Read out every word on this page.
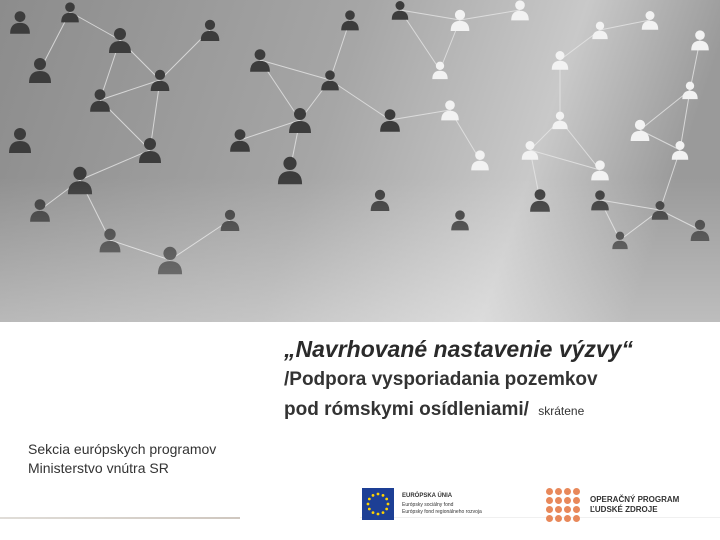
„Navrhované nastavenie výzvy“
/Podpora vysporiadania pozemkov
pod rómskymi osídleniami/ skrátene
Sekcia európskych programov
Ministerstvo vnútra SR
EURÓPSKA ÚNIA
Európsky sociálny fond
Európsky fond regionálneho rozvoja
OPERAČNÝ PROGRAM
ĽUDSKÉ ZDROJE
